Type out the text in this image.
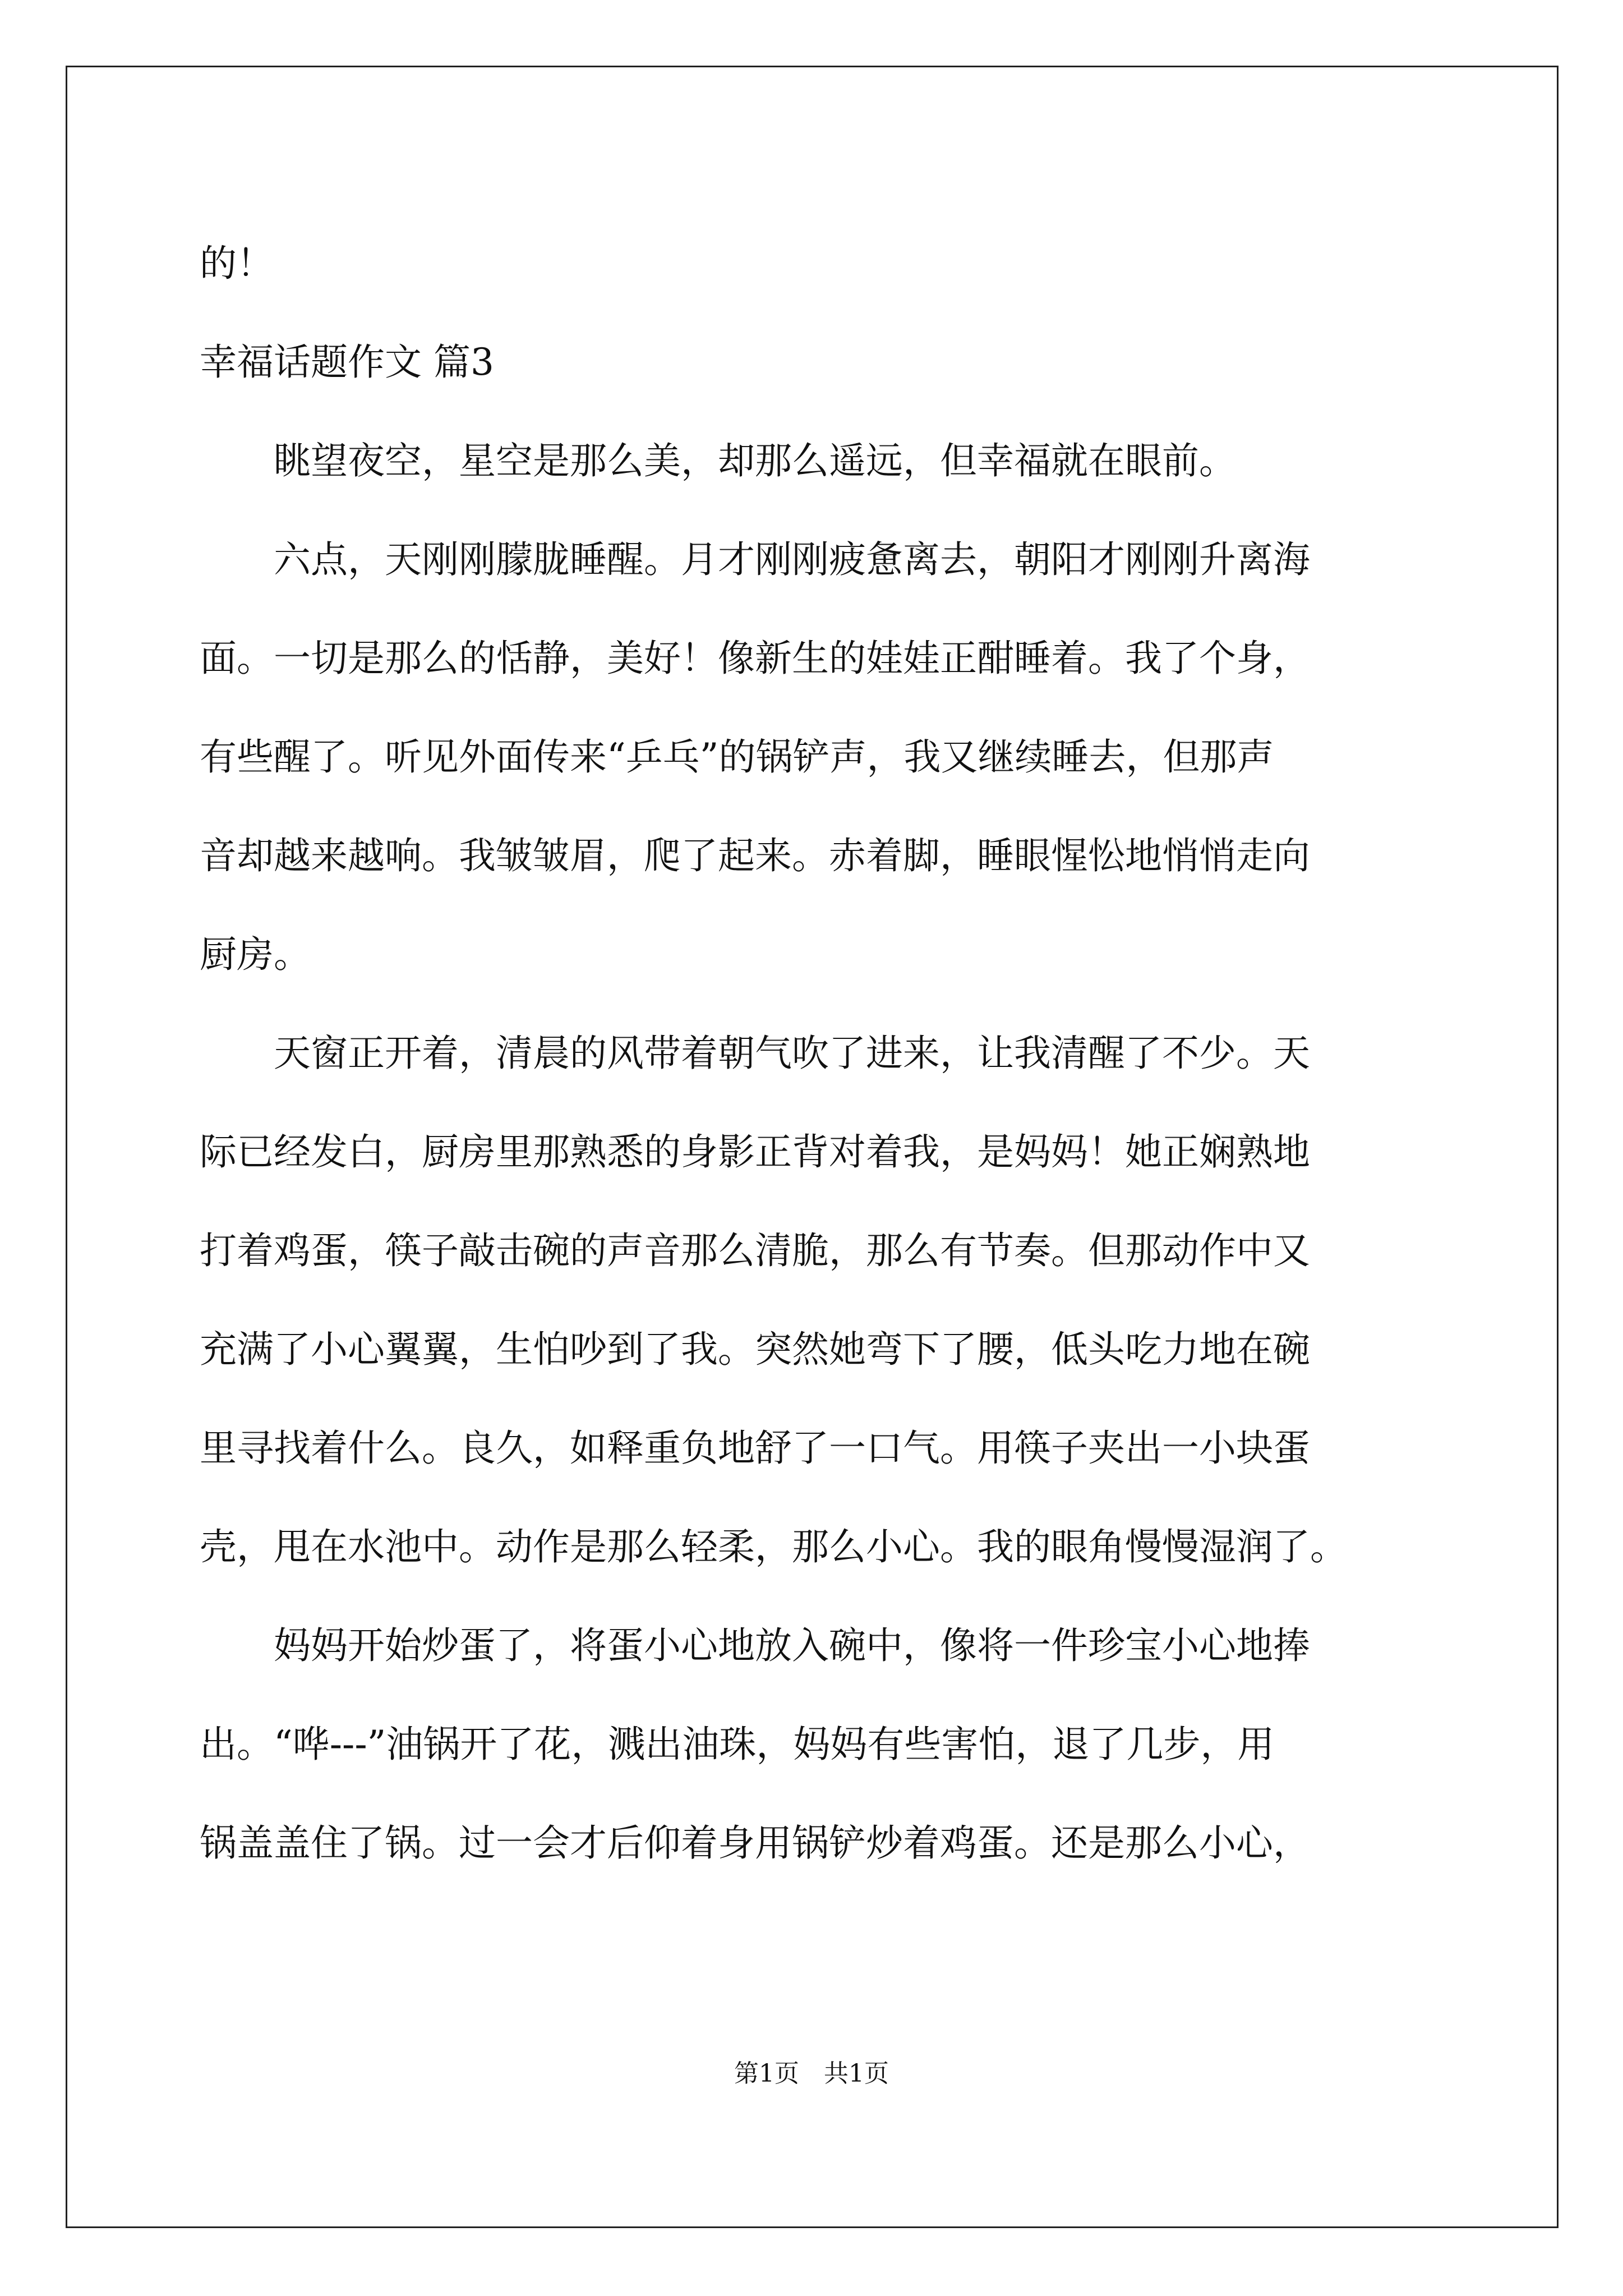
的！
幸福话题作文 篇3
　　眺望夜空，星空是那么美，却那么遥远，但幸福就在眼前。
　　六点，天刚刚朦胧睡醒。月才刚刚疲惫离去，朝阳才刚刚升离海
面。一切是那么的恬静，美好！像新生的娃娃正酣睡着。我了个身，
有些醒了。听见外面传来“乒乓”的锅铲声，我又继续睡去，但那声
音却越来越响。我皱皱眉，爬了起来。赤着脚，睡眼惺忪地悄悄走向
厨房。
　　天窗正开着，清晨的风带着朝气吹了进来，让我清醒了不少。天
际已经发白，厨房里那熟悉的身影正背对着我，是妈妈！她正娴熟地
打着鸡蛋，筷子敲击碗的声音那么清脆，那么有节奏。但那动作中又
充满了小心翼翼，生怕吵到了我。突然她弯下了腰，低头吃力地在碗
里寻找着什么。良久，如释重负地舒了一口气。用筷子夹出一小块蛋
壳，甩在水池中。动作是那么轻柔，那么小心。我的眼角慢慢湿润了。
　　妈妈开始炒蛋了，将蛋小心地放入碗中，像将一件珍宝小心地捧
出。“哗---”油锅开了花，溅出油珠，妈妈有些害怕，退了几步，用
锅盖盖住了锅。过一会才后仰着身用锅铲炒着鸡蛋。还是那么小心，
第1页　共1页
